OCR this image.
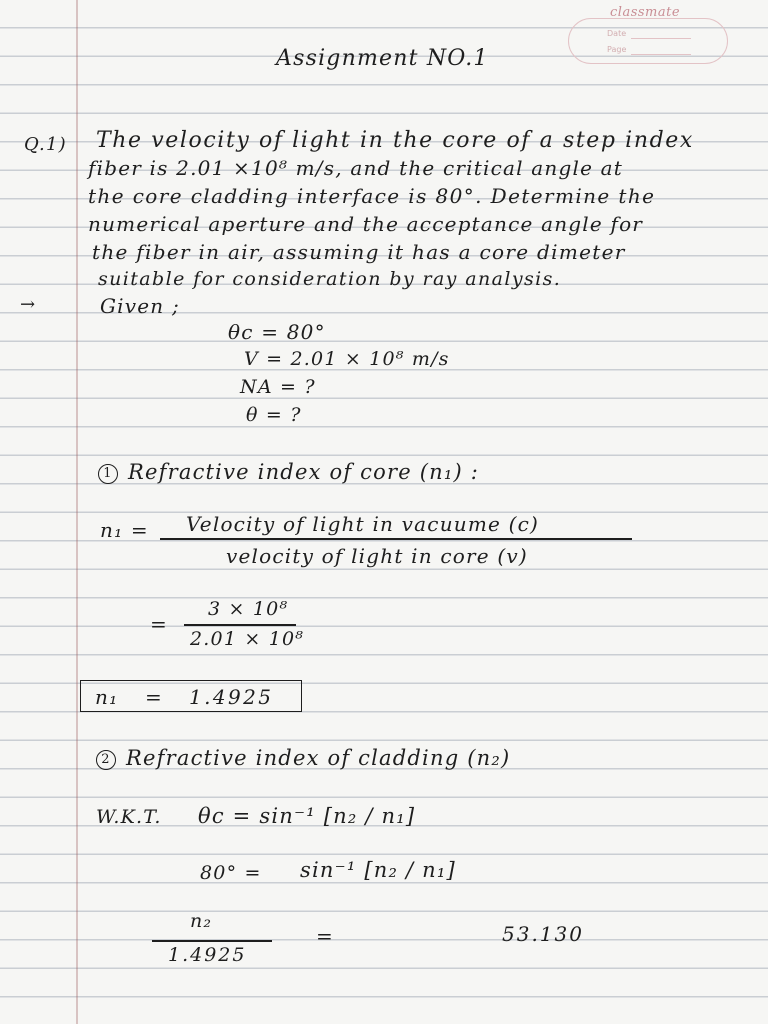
classmate
Date
Page
Assignment NO.1
Q.1) The velocity of light in the core of a step index
fiber is 2.01 ×10⁸ m/s, and the critical angle at
the core cladding interface is 80°. Determine the
numerical aperture and the acceptance angle for
the fiber in air, assuming it has a core dimeter
suitable for consideration by ray analysis.
→	Given ;
θc = 80°
V = 2.01 × 10⁸ m/s
NA = ?
θ = ?
1 Refractive index of core (n₁) :
n₁ = Velocity of light in vacuume (c)
velocity of light in core (v)
=
3 × 10⁸
2.01 × 10⁸
n₁ = 1.4925
2 Refractive index of cladding (n₂)
W.K.T. θc = sin⁻¹ [n₂ / n₁]
80° = sin⁻¹ [n₂ / n₁]
n₂
1.4925
=	53.130
